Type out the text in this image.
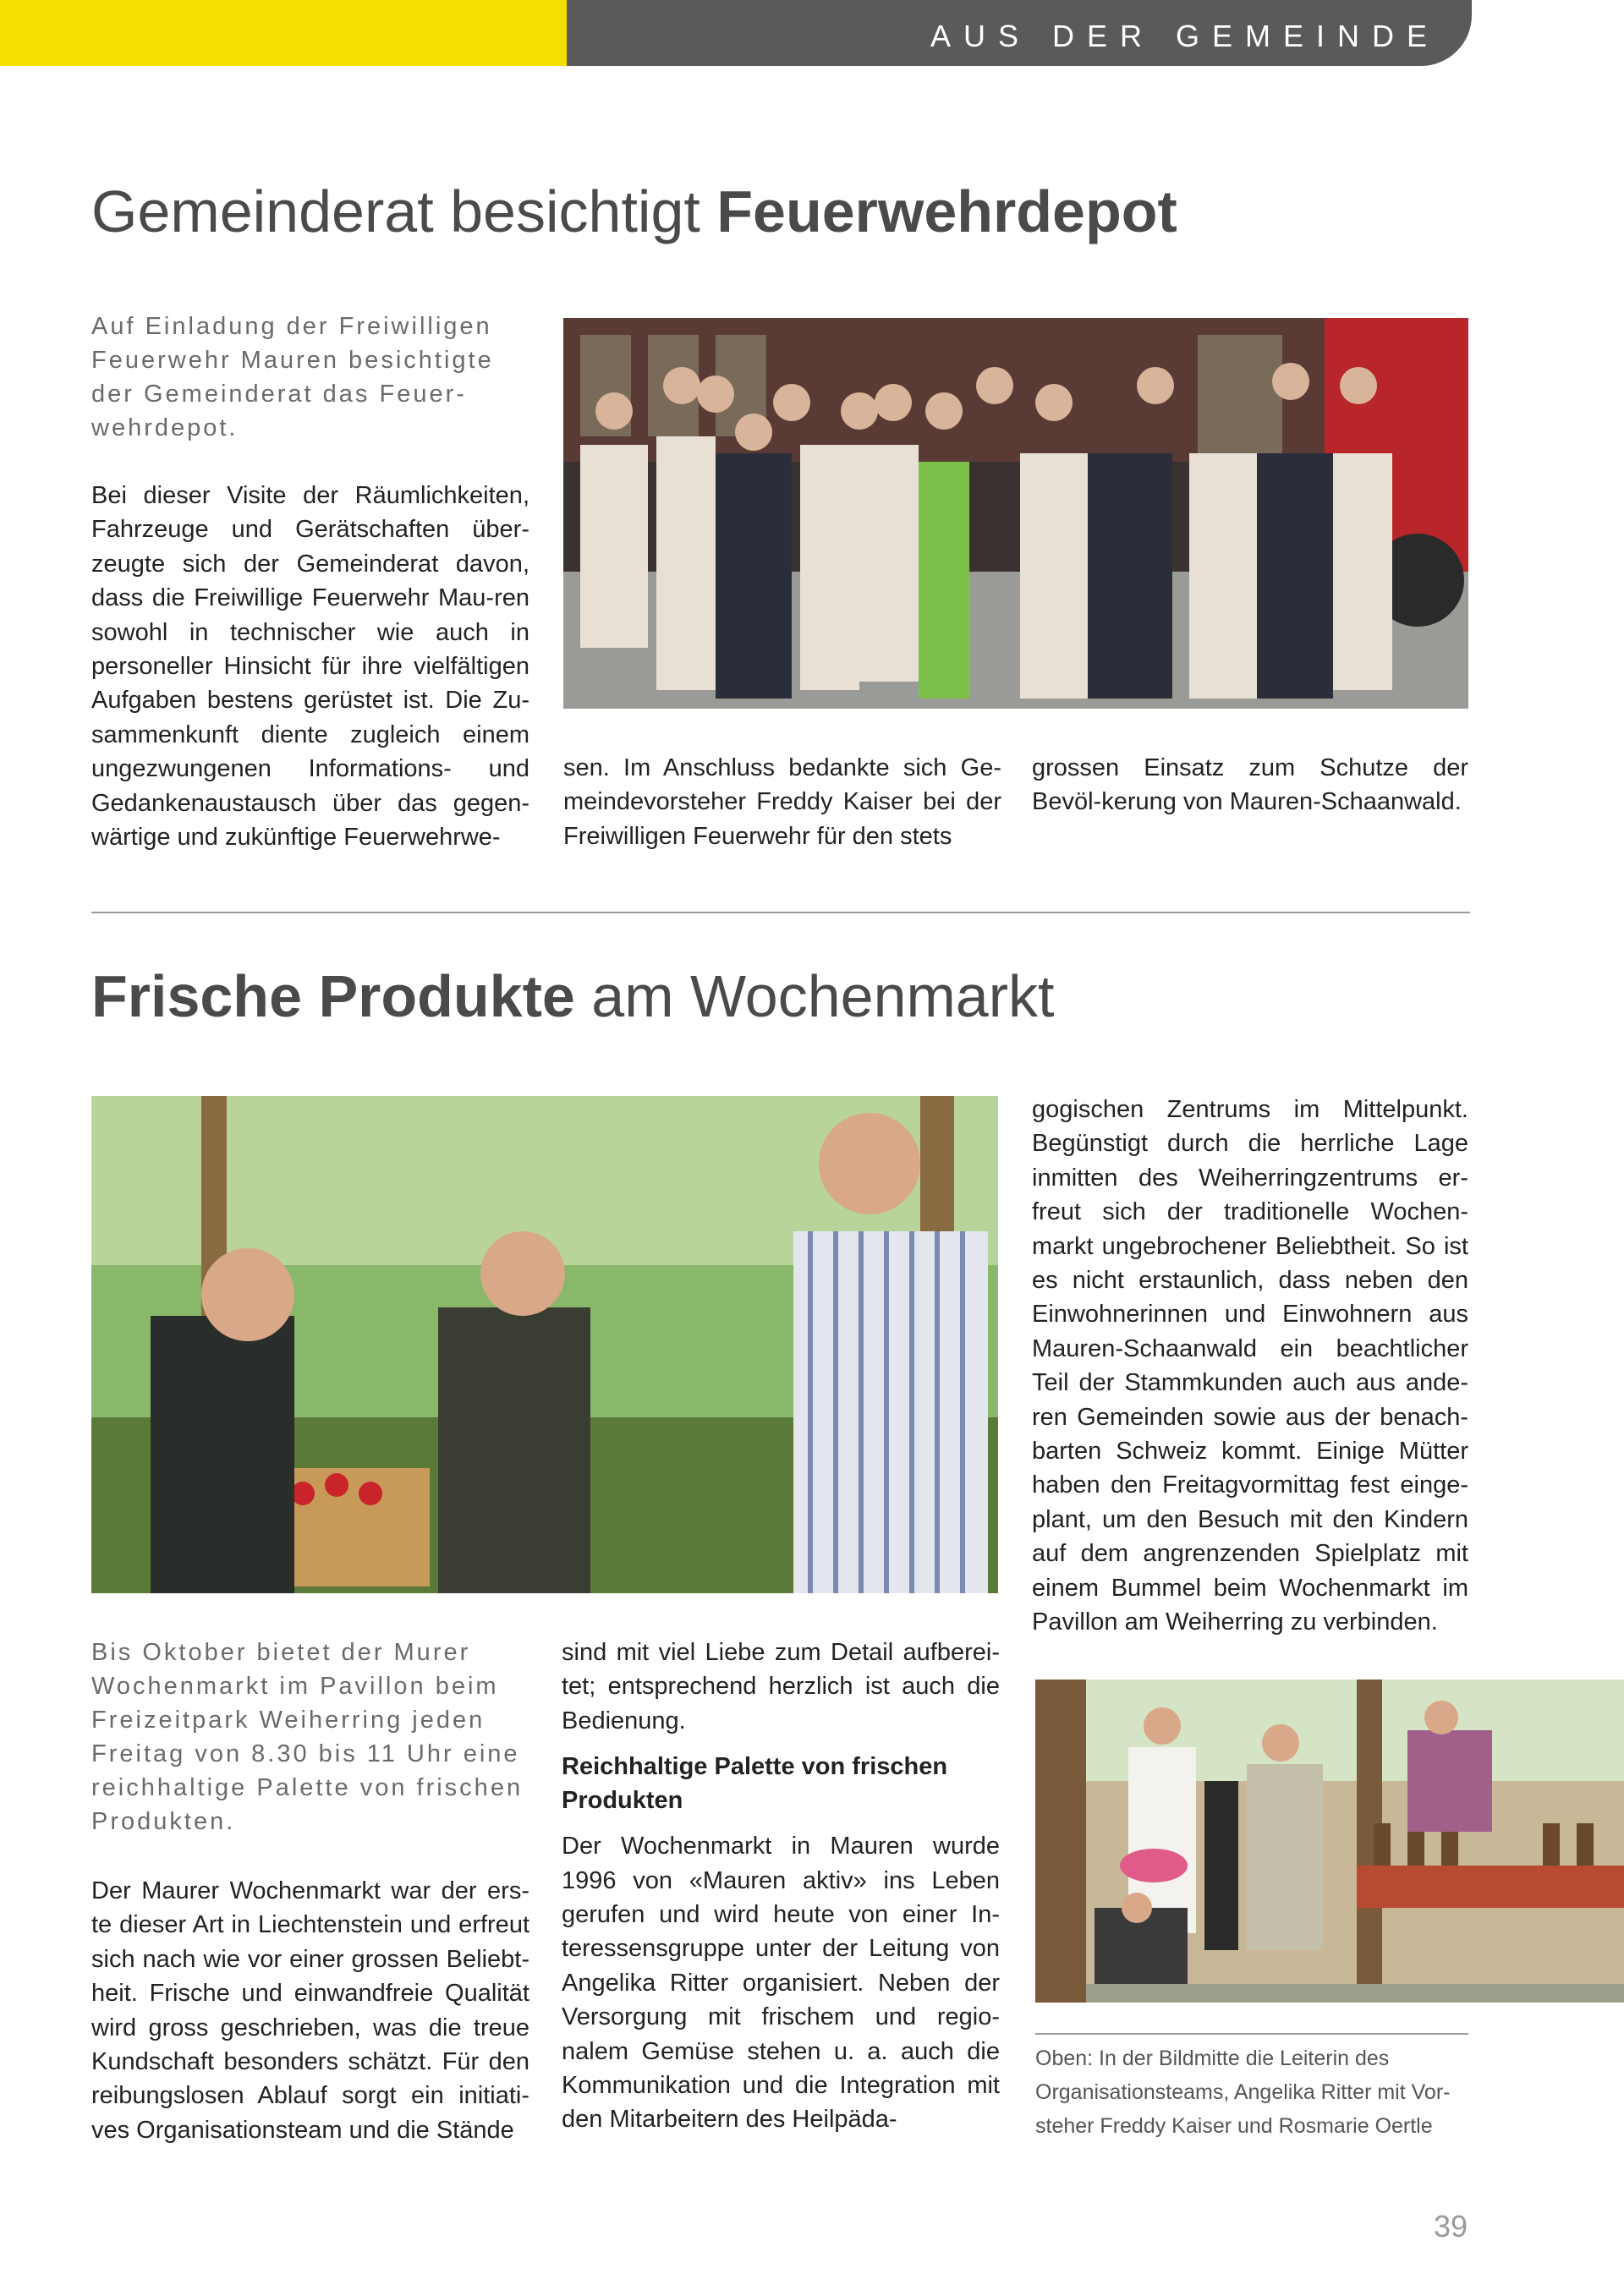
AUS DER GEMEINDE
Gemeinderat besichtigt Feuerwehrdepot
Auf Einladung der Freiwilligen Feuerwehr Mauren besichtigte der Gemeinderat das Feuer-wehrdepot.

Bei dieser Visite der Räumlichkeiten, Fahrzeuge und Gerätschaften über-zeugte sich der Gemeinderat davon, dass die Freiwillige Feuerwehr Mau-ren sowohl in technischer wie auch in personeller Hinsicht für ihre vielfältigen Aufgaben bestens gerüstet ist. Die Zu-sammenkunft diente zugleich einem ungezwungenen Informations- und Gedankenaustausch über das gegen-wärtige und zukünftige Feuerwehrwe-

sen. Im Anschluss bedankte sich Ge-meindevorsteher Freddy Kaiser bei der Freiwilligen Feuerwehr für den stets

grossen Einsatz zum Schutze der Bevöl-kerung von Mauren-Schaanwald.

Frische Produkte am Wochenmarkt
Bis Oktober bietet der Murer Wochenmarkt im Pavillon beim Freizeitpark Weiherring jeden Freitag von 8.30 bis 11 Uhr eine reichhaltige Palette von frischen Produkten.

Der Maurer Wochenmarkt war der ers-te dieser Art in Liechtenstein und erfreut sich nach wie vor einer grossen Beliebt-heit. Frische und einwandfreie Qualität wird gross geschrieben, was die treue Kundschaft besonders schätzt. Für den reibungslosen Ablauf sorgt ein initiati-ves Organisationsteam und die Stände

sind mit viel Liebe zum Detail aufberei-tet; entsprechend herzlich ist auch die Bedienung.
Reichhaltige Palette von frischen Produkten
Der Wochenmarkt in Mauren wurde 1996 von «Mauren aktiv» ins Leben gerufen und wird heute von einer In-teressensgruppe unter der Leitung von Angelika Ritter organisiert. Neben der Versorgung mit frischem und regio-nalem Gemüse stehen u. a. auch die Kommunikation und die Integration mit den Mitarbeitern des Heilpäda-

gogischen Zentrums im Mittelpunkt. Begünstigt durch die herrliche Lage inmitten des Weiherringzentrums er-freut sich der traditionelle Wochen-markt ungebrochener Beliebtheit. So ist es nicht erstaunlich, dass neben den Einwohnerinnen und Einwohnern aus Mauren-Schaanwald ein beachtlicher Teil der Stammkunden auch aus ande-ren Gemeinden sowie aus der benach-barten Schweiz kommt. Einige Mütter haben den Freitagvormittag fest einge-plant, um den Besuch mit den Kindern auf dem angrenzenden Spielplatz mit einem Bummel beim Wochenmarkt im Pavillon am Weiherring zu verbinden.

Oben: In der Bildmitte die Leiterin des Organisationsteams, Angelika Ritter mit Vor-steher Freddy Kaiser und Rosmarie Oertle
39
